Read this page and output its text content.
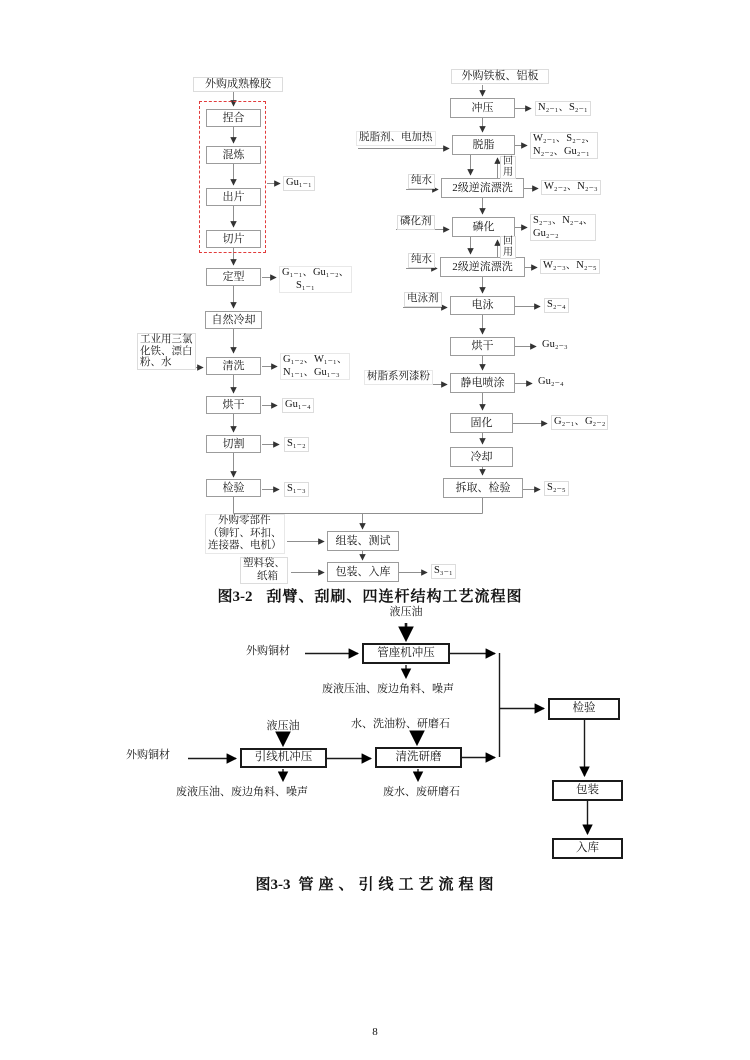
外购成熟橡胶
捏合
混炼
出片
切片
定型
自然冷却
清洗
烘干
切割
检验
Gu₁₋₁
G₁₋₁、Gu₁₋₂、
S₁₋₁
工业用三氯
化铁、漂白
粉、水	G₁₋₂、W₁₋₁、
N₁₋₁、Gu₁₋₃
Gu₁₋₄
S₁₋₂
S₁₋₃
外购铁板、铝板
冲压
脱脂
2级逆流漂洗
磷化
2级逆流漂洗
电泳
烘干
静电喷涂
固化
冷却
拆取、检验
N₂₋₁、S₂₋₁
脱脂剂、电加热	W₂₋₁、S₂₋₂、
N₂₋₂、Gu₂₋₁
回
用
纯水
W₂₋₂、N₂₋₃
磷化剂	S₂₋₃、N₂₋₄、
Gu₂₋₂
回
用
纯水
W₂₋₃、N₂₋₅
电泳剂
S₂₋₄
Gu₂₋₃
树脂系列漆粉	Gu₂₋₄
G₂₋₁、G₂₋₂
S₂₋₅
外购零部件
（铆钉、环扣、
连接器、电机）	组装、测试
塑料袋、
纸箱	包装、入库	S₃₋₁
图3-2 刮臂、刮刷、四连杆结构工艺流程图
液压油
外购铜材	管座机冲压
废液压油、废边角料、噪声
水、洗油粉、研磨石
液压油
外购铜材	引线机冲压	清洗研磨
废液压油、废边角料、噪声	废水、废研磨石
检验
包装
入库
图3-3 管座、引线工艺流程图
8
